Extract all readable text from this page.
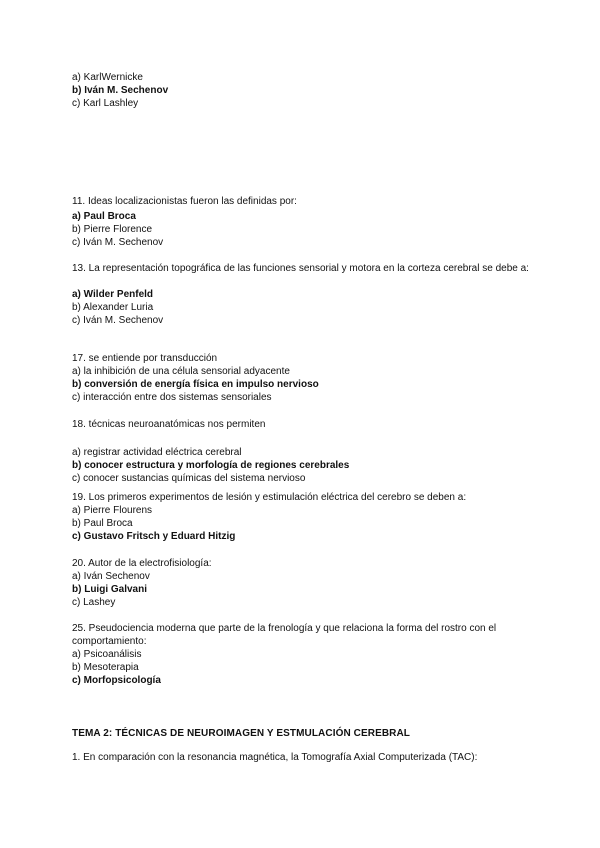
a) KarlWernicke
b) Iván M. Sechenov
c) Karl Lashley
11. Ideas localizacionistas fueron las definidas por:
a) Paul Broca
b) Pierre Florence
c) Iván M. Sechenov
13. La representación topográfica de las funciones sensorial y motora en la corteza cerebral se debe a:
a) Wilder Penfeld
b) Alexander Luria
c) Iván M. Sechenov
17. se entiende por transducción
a) la inhibición de una célula sensorial adyacente
b) conversión de energía física en impulso nervioso
c) interacción entre dos sistemas sensoriales
18. técnicas neuroanatómicas nos permiten
a) registrar actividad eléctrica cerebral
b) conocer estructura y morfología de regiones cerebrales
c) conocer sustancias químicas del sistema nervioso
19. Los primeros experimentos de lesión y estimulación eléctrica del cerebro se deben a:
a) Pierre Flourens
b) Paul Broca
c) Gustavo Fritsch y Eduard Hitzig
20. Autor de la electrofisiología:
a) Iván Sechenov
b) Luigi Galvani
c) Lashey
25. Pseudociencia moderna que parte de la frenología y que relaciona la forma del rostro con el comportamiento:
a) Psicoanálisis
b) Mesoterapia
c) Morfopsicología
TEMA 2: TÉCNICAS DE NEUROIMAGEN Y ESTMULACIÓN CEREBRAL
1. En comparación con la resonancia magnética, la Tomografía Axial Computerizada (TAC):
